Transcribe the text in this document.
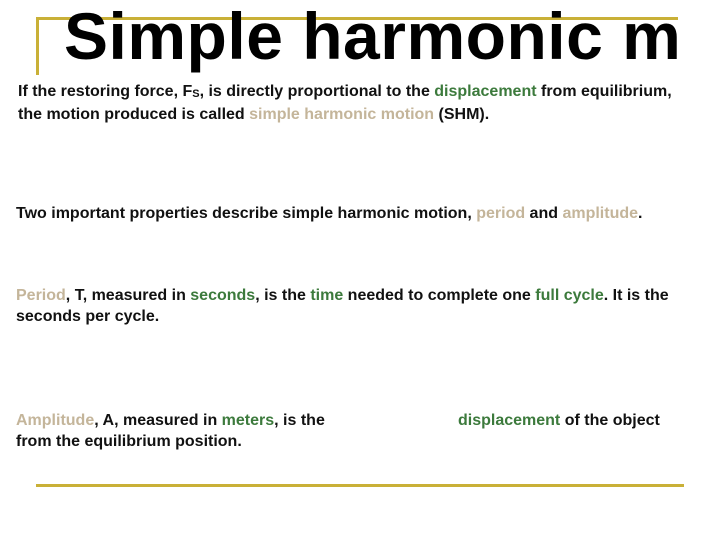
Simple harmonic m
If the restoring force, $F_S$, is directly proportional to the displacement from equilibrium, the motion produced is called simple harmonic motion (SHM).
Two important properties describe simple harmonic motion, period and amplitude.
Period, T, measured in seconds, is the time needed to complete one full cycle. It is the seconds per cycle.
Amplitude, A, measured in meters, is the
from the equilibrium position.
displacement of the object
